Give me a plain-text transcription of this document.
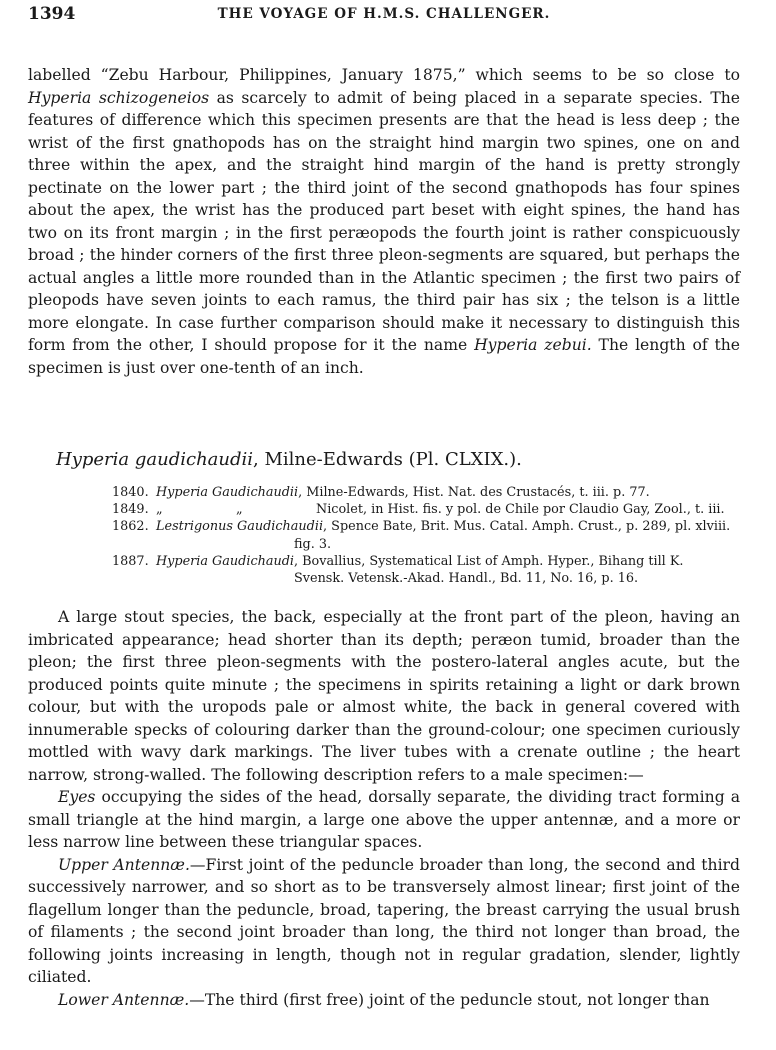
1394	THE VOYAGE OF H.M.S. CHALLENGER.

labelled “Zebu Harbour, Philippines, January 1875,” which seems to be so close to Hyperia schizogeneios as scarcely to admit of being placed in a separate species. The features of difference which this specimen presents are that the head is less deep ; the wrist of the first gnathopods has on the straight hind margin two spines, one on and three within the apex, and the straight hind margin of the hand is pretty strongly pectinate on the lower part ; the third joint of the second gnathopods has four spines about the apex, the wrist has the produced part beset with eight spines, the hand has two on its front margin ; in the first peræopods the fourth joint is rather conspicuously broad ; the hinder corners of the first three pleon-segments are squared, but perhaps the actual angles a little more rounded than in the Atlantic specimen ; the first two pairs of pleopods have seven joints to each ramus, the third pair has six ; the telson is a little more elongate. In case further comparison should make it necessary to distinguish this form from the other, I should propose for it the name Hyperia zebui. The length of the specimen is just over one-tenth of an inch.

Hyperia gaudichaudii, Milne-Edwards (Pl. CLXIX.).
1840. Hyperia Gaudichaudii, Milne-Edwards, Hist. Nat. des Crustacés, t. iii. p. 77.
1849. „	„	Nicolet, in Hist. fis. y pol. de Chile por Claudio Gay, Zool., t. iii.
1862. Lestrigonus Gaudichaudii, Spence Bate, Brit. Mus. Catal. Amph. Crust., p. 289, pl. xlviii.
fig. 3.
1887. Hyperia Gaudichaudi, Bovallius, Systematical List of Amph. Hyper., Bihang till K.
Svensk. Vetensk.-Akad. Handl., Bd. 11, No. 16, p. 16.

A large stout species, the back, especially at the front part of the pleon, having an imbricated appearance; head shorter than its depth; peræon tumid, broader than the pleon; the first three pleon-segments with the postero-lateral angles acute, but the produced points quite minute ; the specimens in spirits retaining a light or dark brown colour, but with the uropods pale or almost white, the back in general covered with innumerable specks of colouring darker than the ground-colour; one specimen curiously mottled with wavy dark markings. The liver tubes with a crenate outline ; the heart narrow, strong-walled. The following description refers to a male specimen:—

Eyes occupying the sides of the head, dorsally separate, the dividing tract forming a small triangle at the hind margin, a large one above the upper antennæ, and a more or less narrow line between these triangular spaces.

Upper Antennæ.—First joint of the peduncle broader than long, the second and third successively narrower, and so short as to be transversely almost linear; first joint of the flagellum longer than the peduncle, broad, tapering, the breast carrying the usual brush of filaments ; the second joint broader than long, the third not longer than broad, the following joints increasing in length, though not in regular gradation, slender, lightly ciliated.

Lower Antennæ.—The third (first free) joint of the peduncle stout, not longer than
